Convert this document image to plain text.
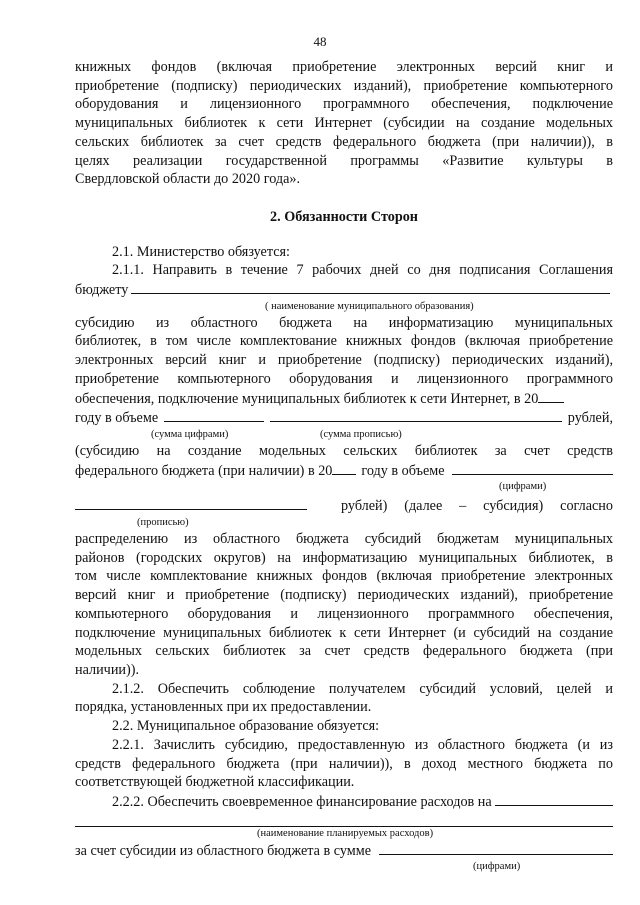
48

книжных фондов (включая приобретение электронных версий книг и

приобретение (подписку) периодических изданий), приобретение компьютерного

оборудования и лицензионного программного обеспечения, подключение

муниципальных библиотек к сети Интернет (субсидии на создание модельных

сельских библиотек за счет средств федерального бюджета (при наличии)), в

целях реализации государственной программы «Развитие культуры в

Свердловской области до 2020 года».

2. Обязанности Сторон

2.1. Министерство обязуется:

2.1.1. Направить в течение 7 рабочих дней со дня подписания Соглашения

бюджету
( наименование муниципального образования)

субсидию из областного бюджета на информатизацию муниципальных

библиотек, в том числе комплектование книжных фондов (включая приобретение

электронных версий книг и приобретение (подписку) периодических изданий),

приобретение компьютерного оборудования и лицензионного программного

обеспечения, подключение муниципальных библиотек к сети Интернет, в 20
году в объеме	рублей,
(сумма цифрами)	(сумма прописью)

(субсидию на создание модельных сельских библиотек за счет средств

федерального бюджета (при наличии) в 20 году в объеме
(цифрами)
рублей) (далее – субсидия) согласно
(прописью)

распределению из областного бюджета субсидий бюджетам муниципальных

районов (городских округов) на информатизацию муниципальных библиотек, в

том числе комплектование книжных фондов (включая приобретение электронных

версий книг и приобретение (подписку) периодических изданий), приобретение

компьютерного оборудования и лицензионного программного обеспечения,

подключение муниципальных библиотек к сети Интернет (и субсидий на создание

модельных сельских библиотек за счет средств федерального бюджета (при

наличии)).

2.1.2. Обеспечить соблюдение получателем субсидий условий, целей и

порядка, установленных при их предоставлении.

2.2. Муниципальное образование обязуется:

2.2.1. Зачислить субсидию, предоставленную из областного бюджета (и из

средств федерального бюджета (при наличии)), в доход местного бюджета по

соответствующей бюджетной классификации.

2.2.2. Обеспечить своевременное финансирование расходов на
(наименование планируемых расходов)
за счет субсидии из областного бюджета в сумме
(цифрами)
